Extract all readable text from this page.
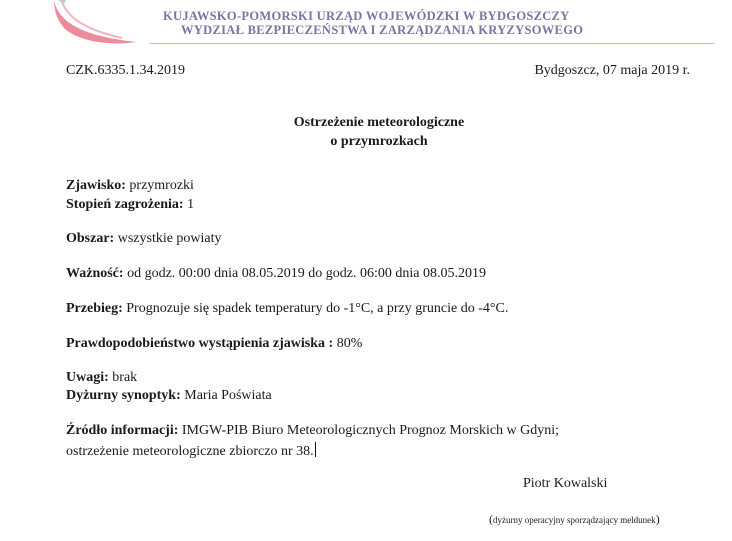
KUJAWSKO-POMORSKI URZĄD WOJEWÓDZKI W BYDGOSZCZY
WYDZIAŁ BEZPIECZEŃSTWA I ZARZĄDZANIA KRYZYSOWEGO
CZK.6335.1.34.2019	Bydgoszcz, 07 maja 2019 r.
Ostrzeżenie meteorologiczne
o przymrozkach
Zjawisko: przymrozki
Stopień zagrożenia: 1
Obszar: wszystkie powiaty
Ważność: od godz. 00:00 dnia 08.05.2019 do godz. 06:00 dnia 08.05.2019
Przebieg: Prognozuje się spadek temperatury do -1°C, a przy gruncie do -4°C.
Prawdopodobieństwo wystąpienia zjawiska : 80%
Uwagi: brak
Dyżurny synoptyk: Maria Poświata
Źródło informacji: IMGW-PIB Biuro Meteorologicznych Prognoz Morskich w Gdyni;
ostrzeżenie meteorologiczne zbiorczo nr 38.
Piotr Kowalski
(dyżurny operacyjny sporządzający meldunek)
